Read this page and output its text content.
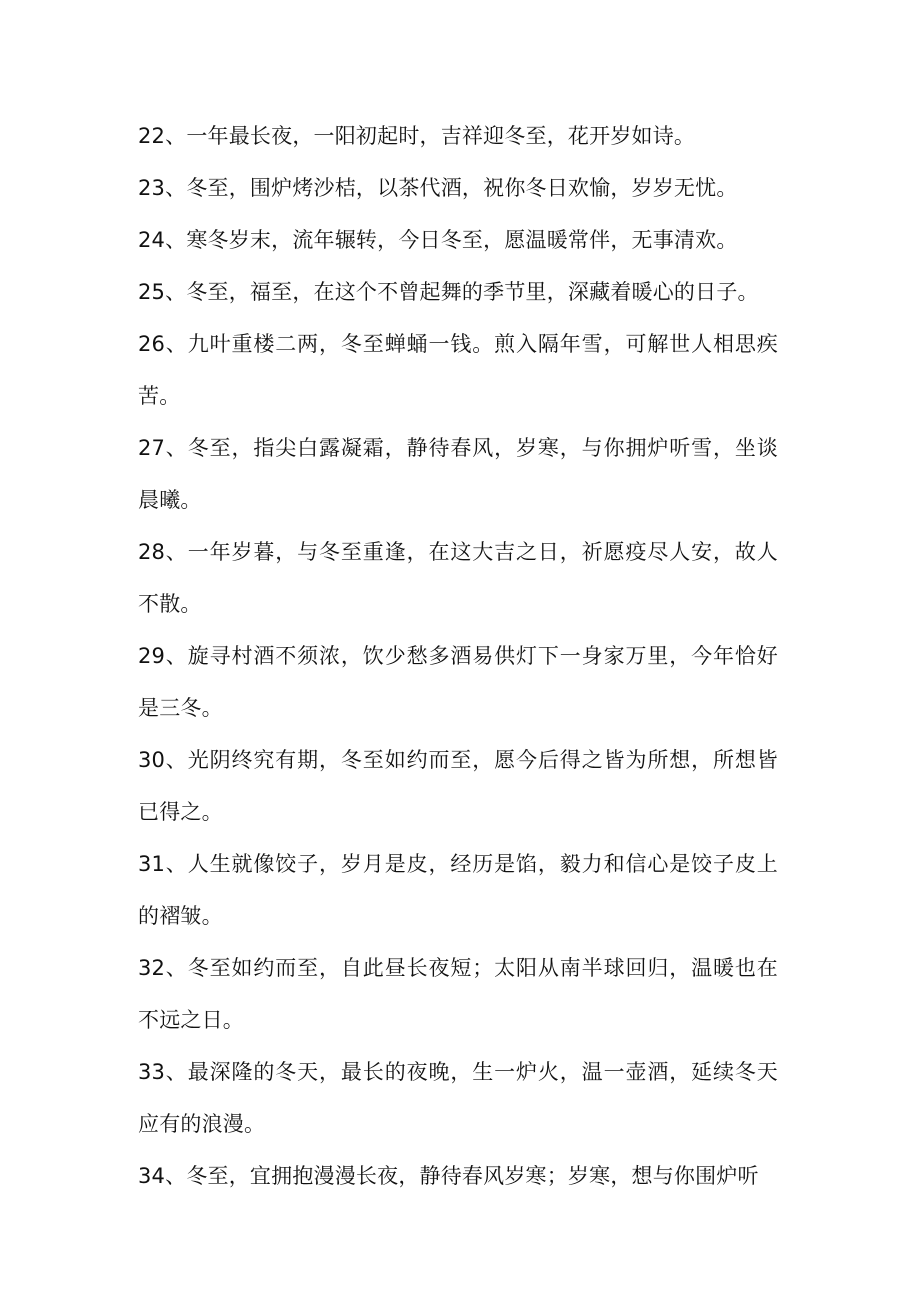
22、一年最长夜，一阳初起时，吉祥迎冬至，花开岁如诗。

23、冬至，围炉烤沙桔，以茶代酒，祝你冬日欢愉，岁岁无忧。

24、寒冬岁末，流年辗转，今日冬至，愿温暖常伴，无事清欢。

25、冬至，福至，在这个不曾起舞的季节里，深藏着暖心的日子。

26、九叶重楼二两，冬至蝉蛹一钱。煎入隔年雪，可解世人相思疾苦。

27、冬至，指尖白露凝霜，静待春风，岁寒，与你拥炉听雪，坐谈晨曦。

28、一年岁暮，与冬至重逢，在这大吉之日，祈愿疫尽人安，故人不散。

29、旋寻村酒不须浓，饮少愁多酒易供灯下一身家万里，今年恰好是三冬。

30、光阴终究有期，冬至如约而至，愿今后得之皆为所想，所想皆已得之。

31、人生就像饺子，岁月是皮，经历是馅，毅力和信心是饺子皮上的褶皱。

32、冬至如约而至，自此昼长夜短；太阳从南半球回归，温暖也在不远之日。

33、最深隆的冬天，最长的夜晚，生一炉火，温一壶酒，延续冬天应有的浪漫。

34、冬至，宜拥抱漫漫长夜，静待春风岁寒；岁寒，想与你围炉听
